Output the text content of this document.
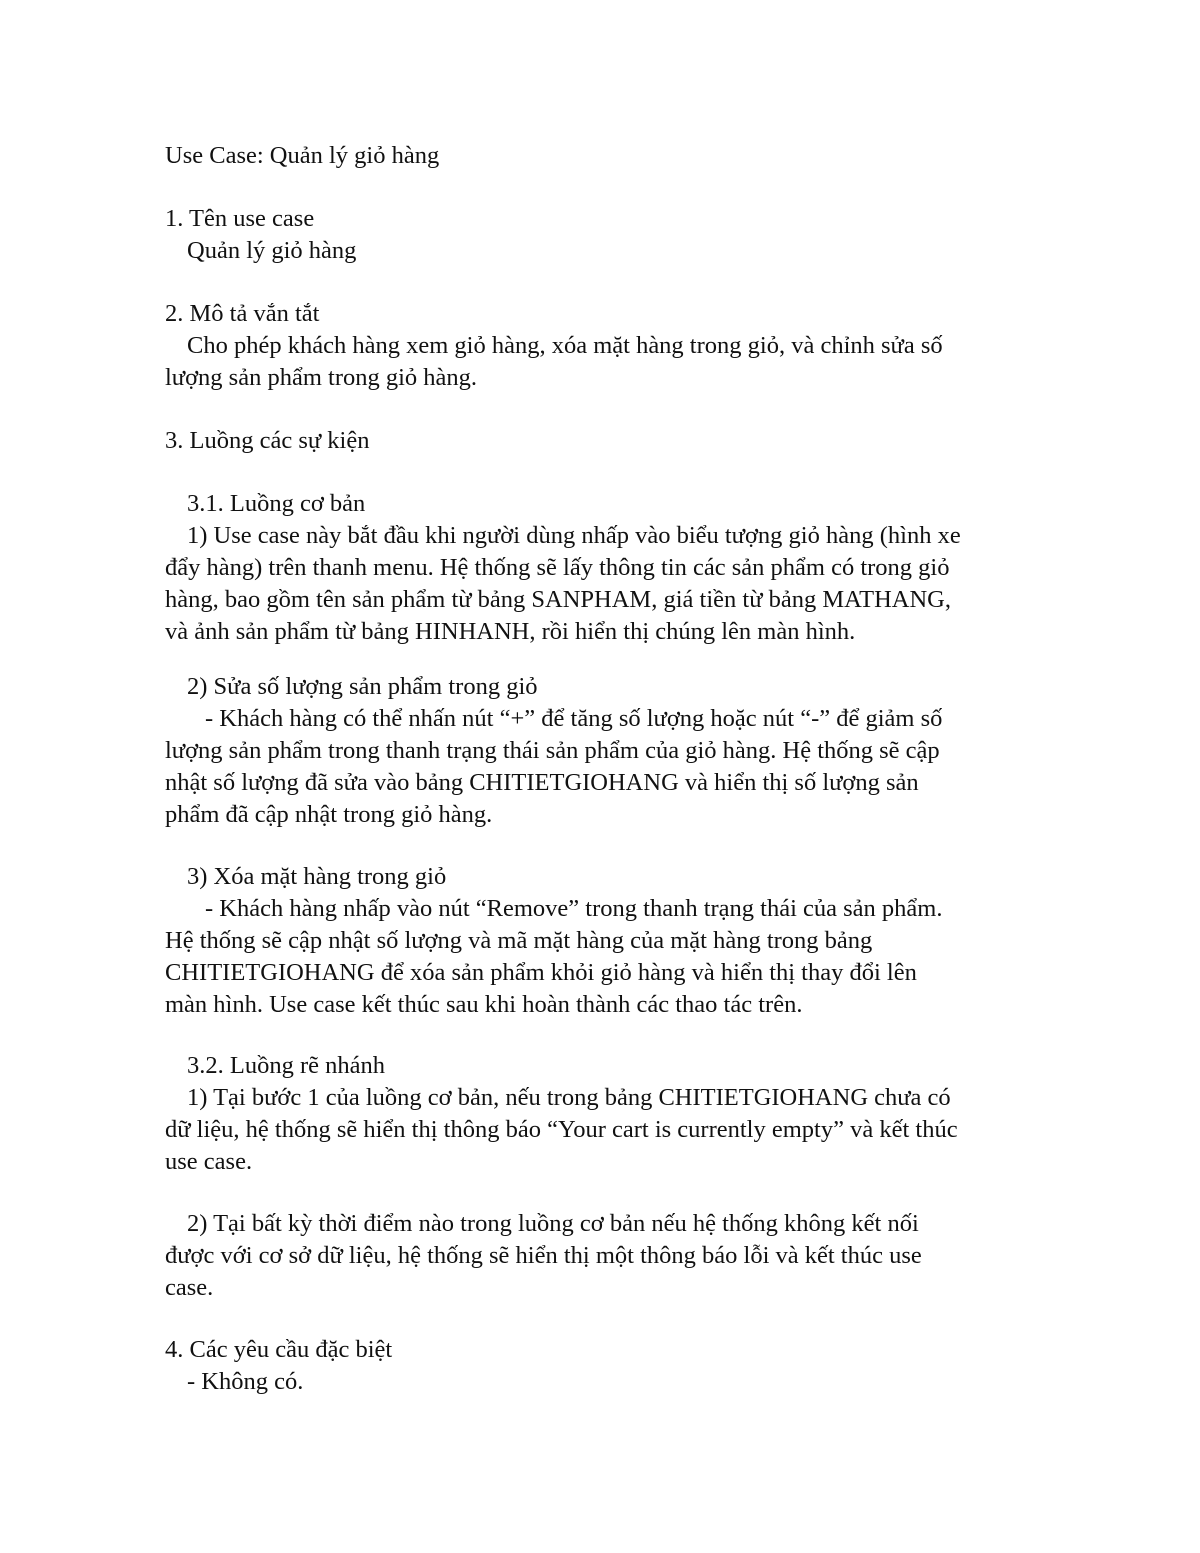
Use Case: Quản lý giỏ hàng

1. Tên use case

Quản lý giỏ hàng

2. Mô tả vắn tắt

Cho phép khách hàng xem giỏ hàng, xóa mặt hàng trong giỏ, và chỉnh sửa số

lượng sản phẩm trong giỏ hàng.

3. Luồng các sự kiện

3.1. Luồng cơ bản

1) Use case này bắt đầu khi người dùng nhấp vào biểu tượng giỏ hàng (hình xe

đẩy hàng) trên thanh menu. Hệ thống sẽ lấy thông tin các sản phẩm có trong giỏ

hàng, bao gồm tên sản phẩm từ bảng SANPHAM, giá tiền từ bảng MATHANG,

và ảnh sản phẩm từ bảng HINHANH, rồi hiển thị chúng lên màn hình.

2) Sửa số lượng sản phẩm trong giỏ

- Khách hàng có thể nhấn nút “+” để tăng số lượng hoặc nút “-” để giảm số

lượng sản phẩm trong thanh trạng thái sản phẩm của giỏ hàng. Hệ thống sẽ cập

nhật số lượng đã sửa vào bảng CHITIETGIOHANG và hiển thị số lượng sản

phẩm đã cập nhật trong giỏ hàng.

3) Xóa mặt hàng trong giỏ

- Khách hàng nhấp vào nút “Remove” trong thanh trạng thái của sản phẩm.

Hệ thống sẽ cập nhật số lượng và mã mặt hàng của mặt hàng trong bảng

CHITIETGIOHANG để xóa sản phẩm khỏi giỏ hàng và hiển thị thay đổi lên

màn hình. Use case kết thúc sau khi hoàn thành các thao tác trên.

3.2. Luồng rẽ nhánh

1) Tại bước 1 của luồng cơ bản, nếu trong bảng CHITIETGIOHANG chưa có

dữ liệu, hệ thống sẽ hiển thị thông báo “Your cart is currently empty” và kết thúc

use case.

2) Tại bất kỳ thời điểm nào trong luồng cơ bản nếu hệ thống không kết nối

được với cơ sở dữ liệu, hệ thống sẽ hiển thị một thông báo lỗi và kết thúc use

case.

4. Các yêu cầu đặc biệt

- Không có.
